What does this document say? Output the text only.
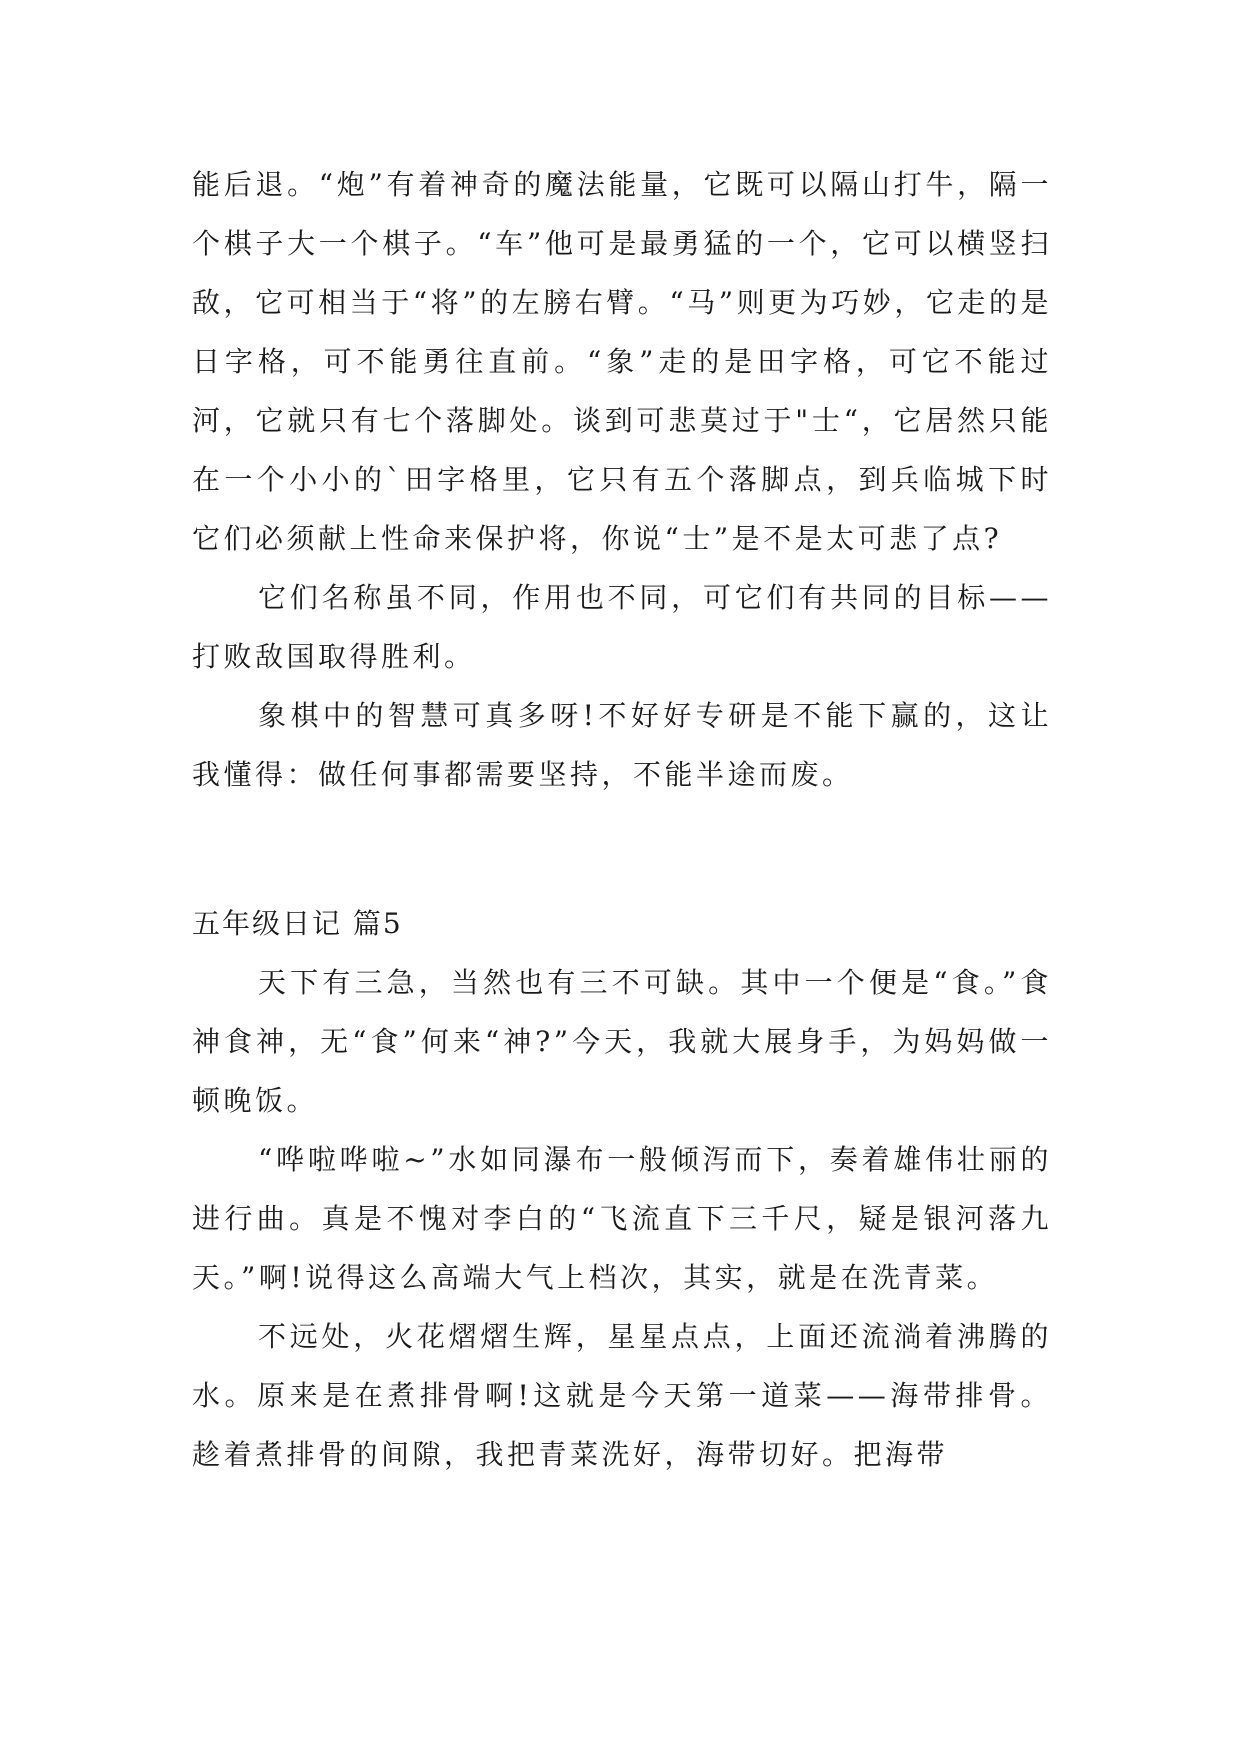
能后退。“炮”有着神奇的魔法能量，它既可以隔山打牛，隔一个棋子大一个棋子。“车”他可是最勇猛的一个，它可以横竖扫敌，它可相当于“将”的左膀右臂。“马”则更为巧妙，它走的是日字格，可不能勇往直前。“象”走的是田字格，可它不能过河，它就只有七个落脚处。谈到可悲莫过于"士“，它居然只能在一个小小的`田字格里，它只有五个落脚点，到兵临城下时它们必须献上性命来保护将，你说“士”是不是太可悲了点?

它们名称虽不同，作用也不同，可它们有共同的目标——打败敌国取得胜利。

象棋中的智慧可真多呀!不好好专研是不能下赢的，这让我懂得：做任何事都需要坚持，不能半途而废。

五年级日记 篇5

天下有三急，当然也有三不可缺。其中一个便是“食。”食神食神，无“食”何来“神?”今天，我就大展身手，为妈妈做一顿晚饭。

“哗啦哗啦~”水如同瀑布一般倾泻而下，奏着雄伟壮丽的进行曲。真是不愧对李白的“飞流直下三千尺，疑是银河落九天。”啊!说得这么高端大气上档次，其实，就是在洗青菜。

不远处，火花熠熠生辉，星星点点，上面还流淌着沸腾的水。原来是在煮排骨啊!这就是今天第一道菜——海带排骨。趁着煮排骨的间隙，我把青菜洗好，海带切好。把海带
